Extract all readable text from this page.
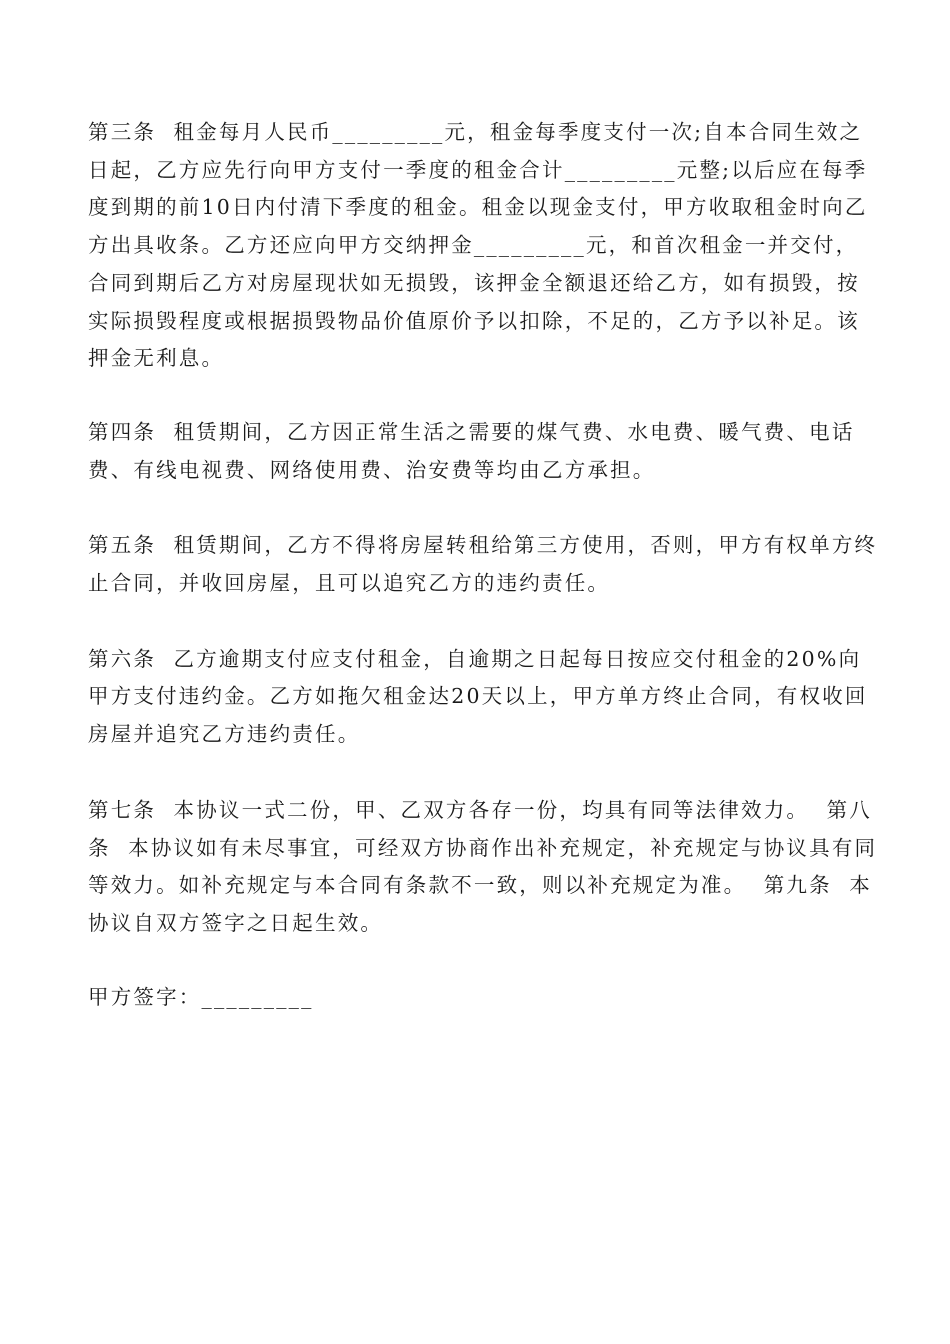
第三条  租金每月人民币_________元，租金每季度支付一次;自本合同生效之日起，乙方应先行向甲方支付一季度的租金合计_________元整;以后应在每季度到期的前10日内付清下季度的租金。租金以现金支付，甲方收取租金时向乙方出具收条。乙方还应向甲方交纳押金_________元，和首次租金一并交付，合同到期后乙方对房屋现状如无损毁，该押金全额退还给乙方，如有损毁，按实际损毁程度或根据损毁物品价值原价予以扣除，不足的，乙方予以补足。该押金无利息。

第四条  租赁期间，乙方因正常生活之需要的煤气费、水电费、暖气费、电话费、有线电视费、网络使用费、治安费等均由乙方承担。

第五条  租赁期间，乙方不得将房屋转租给第三方使用，否则，甲方有权单方终止合同，并收回房屋，且可以追究乙方的违约责任。

第六条  乙方逾期支付应支付租金，自逾期之日起每日按应交付租金的20%向甲方支付违约金。乙方如拖欠租金达20天以上，甲方单方终止合同，有权收回房屋并追究乙方违约责任。

第七条  本协议一式二份，甲、乙双方各存一份，均具有同等法律效力。  第八条  本协议如有未尽事宜，可经双方协商作出补充规定，补充规定与协议具有同等效力。如补充规定与本合同有条款不一致，则以补充规定为准。  第九条  本协议自双方签字之日起生效。

甲方签字：_________
